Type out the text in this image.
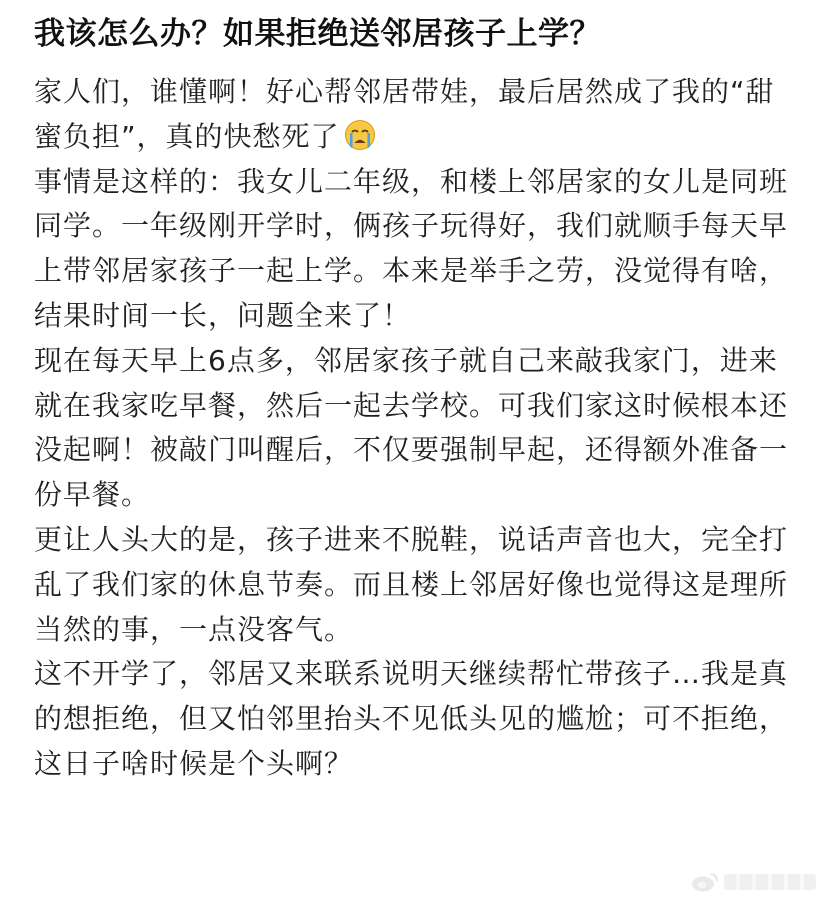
我该怎么办？如果拒绝送邻居孩子上学？

家人们，谁懂啊！好心帮邻居带娃，最后居然成了我的“甜蜜负担”，真的快愁死了

事情是这样的：我女儿二年级，和楼上邻居家的女儿是同班同学。一年级刚开学时，俩孩子玩得好，我们就顺手每天早上带邻居家孩子一起上学。本来是举手之劳，没觉得有啥，结果时间一长，问题全来了！

现在每天早上6点多，邻居家孩子就自己来敲我家门，进来就在我家吃早餐，然后一起去学校。可我们家这时候根本还没起啊！被敲门叫醒后，不仅要强制早起，还得额外准备一份早餐。

更让人头大的是，孩子进来不脱鞋，说话声音也大，完全打乱了我们家的休息节奏。而且楼上邻居好像也觉得这是理所当然的事，一点没客气。

这不开学了，邻居又来联系说明天继续帮忙带孩子…我是真的想拒绝，但又怕邻里抬头不见低头见的尴尬；可不拒绝，这日子啥时候是个头啊？
